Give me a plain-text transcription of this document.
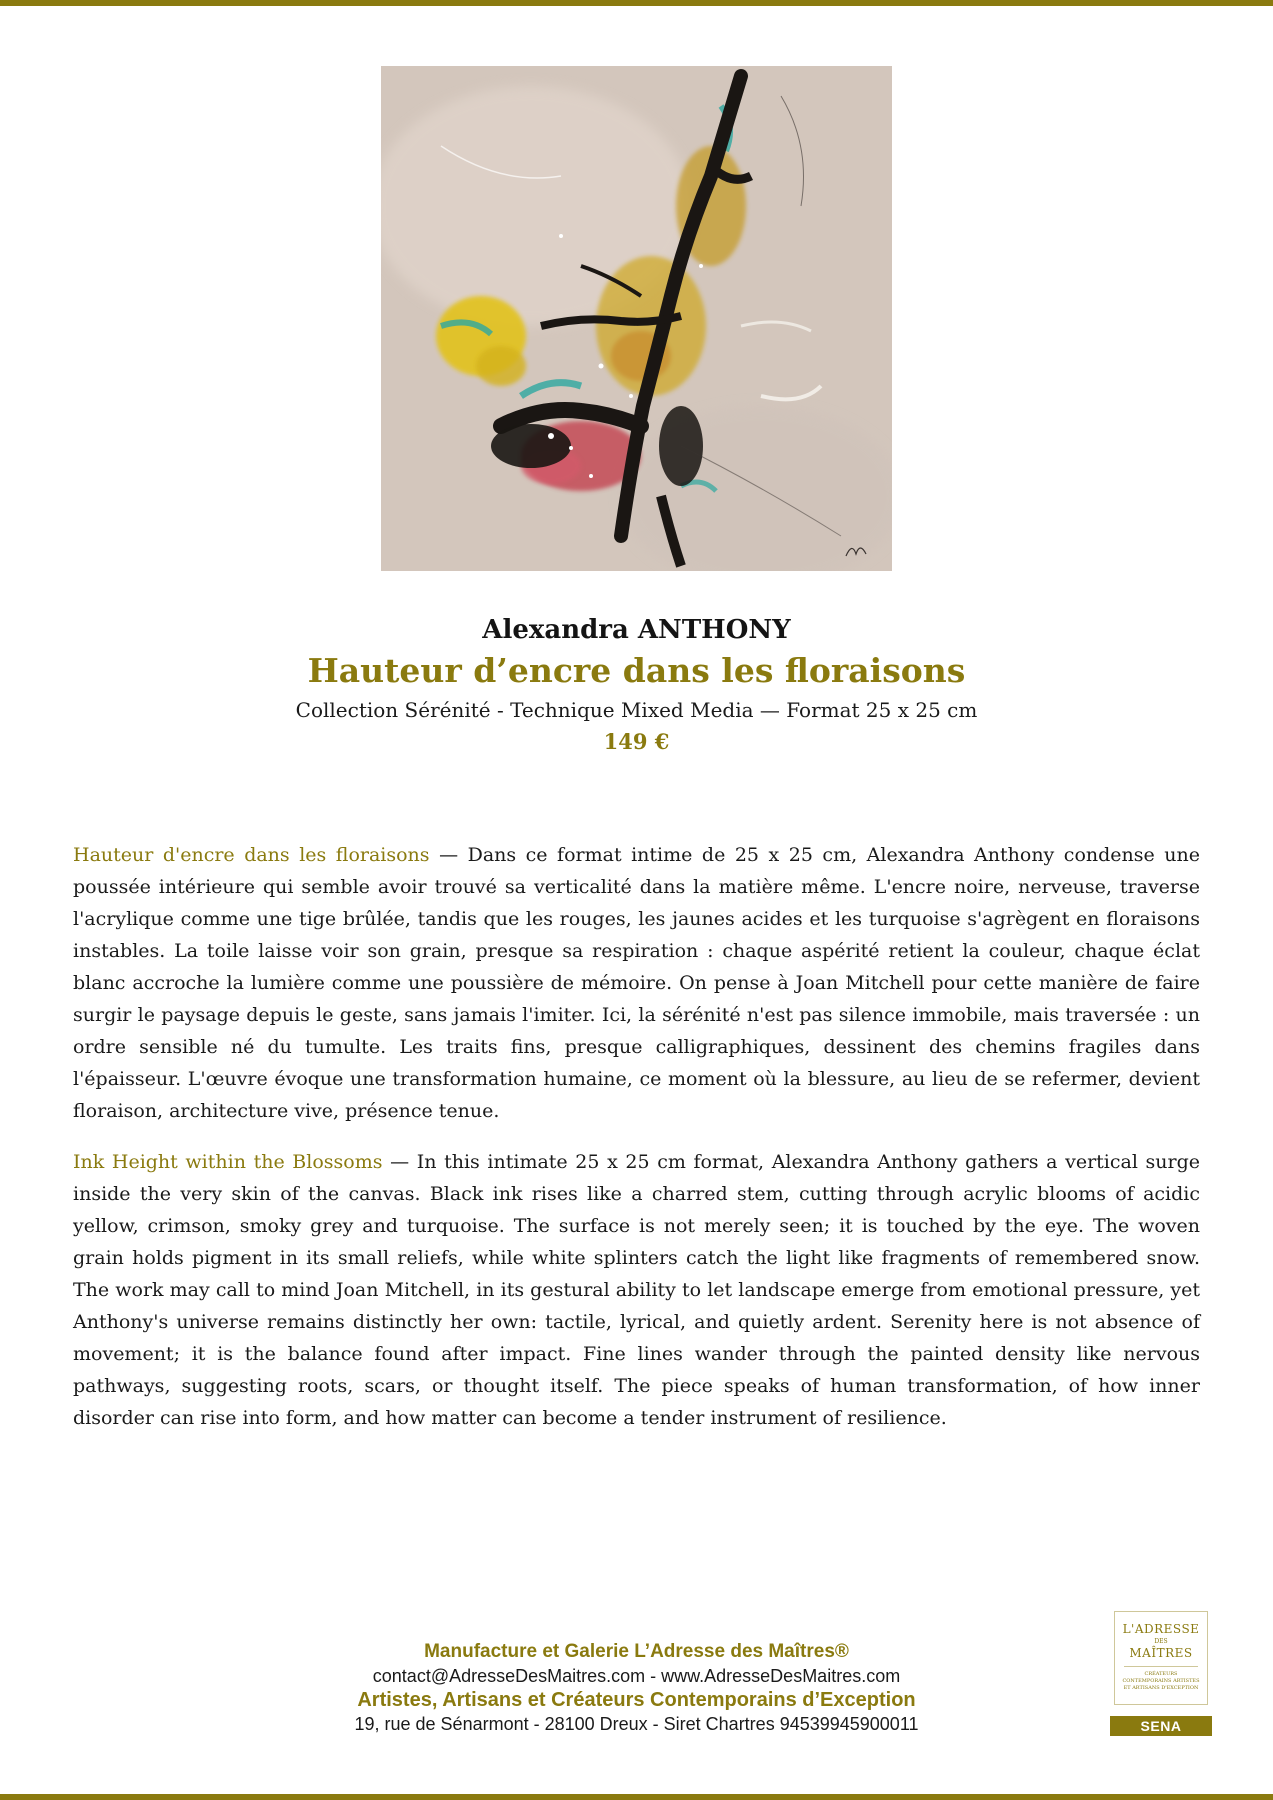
Alexandra ANTHONY
Hauteur d’encre dans les floraisons
Collection Sérénité - Technique Mixed Media — Format 25 x 25 cm
149 €
Hauteur d'encre dans les floraisons — Dans ce format intime de 25 x 25 cm, Alexandra Anthony condense une poussée intérieure qui semble avoir trouvé sa verticalité dans la matière même. L'encre noire, nerveuse, traverse l'acrylique comme une tige brûlée, tandis que les rouges, les jaunes acides et les turquoise s'agrègent en floraisons instables. La toile laisse voir son grain, presque sa respiration : chaque aspérité retient la couleur, chaque éclat blanc accroche la lumière comme une poussière de mémoire. On pense à Joan Mitchell pour cette manière de faire surgir le paysage depuis le geste, sans jamais l'imiter. Ici, la sérénité n'est pas silence immobile, mais traversée : un ordre sensible né du tumulte. Les traits fins, presque calligraphiques, dessinent des chemins fragiles dans l'épaisseur. L'œuvre évoque une transformation humaine, ce moment où la blessure, au lieu de se refermer, devient floraison, architecture vive, présence tenue.
Ink Height within the Blossoms — In this intimate 25 x 25 cm format, Alexandra Anthony gathers a vertical surge inside the very skin of the canvas. Black ink rises like a charred stem, cutting through acrylic blooms of acidic yellow, crimson, smoky grey and turquoise. The surface is not merely seen; it is touched by the eye. The woven grain holds pigment in its small reliefs, while white splinters catch the light like fragments of remembered snow. The work may call to mind Joan Mitchell, in its gestural ability to let landscape emerge from emotional pressure, yet Anthony's universe remains distinctly her own: tactile, lyrical, and quietly ardent. Serenity here is not absence of movement; it is the balance found after impact. Fine lines wander through the painted density like nervous pathways, suggesting roots, scars, or thought itself. The piece speaks of human transformation, of how inner disorder can rise into form, and how matter can become a tender instrument of resilience.
Manufacture et Galerie L’Adresse des Maîtres®
contact@AdresseDesMaitres.com - www.AdresseDesMaitres.com
Artistes, Artisans et Créateurs Contemporains d’Exception
19, rue de Sénarmont - 28100 Dreux - Siret Chartres 94539945900011
L'ADRESSE
DES
MAÎTRES
CRÉATEURS CONTEMPORAINS ARTISTES ET ARTISANS D'EXCEPTION
SENA
